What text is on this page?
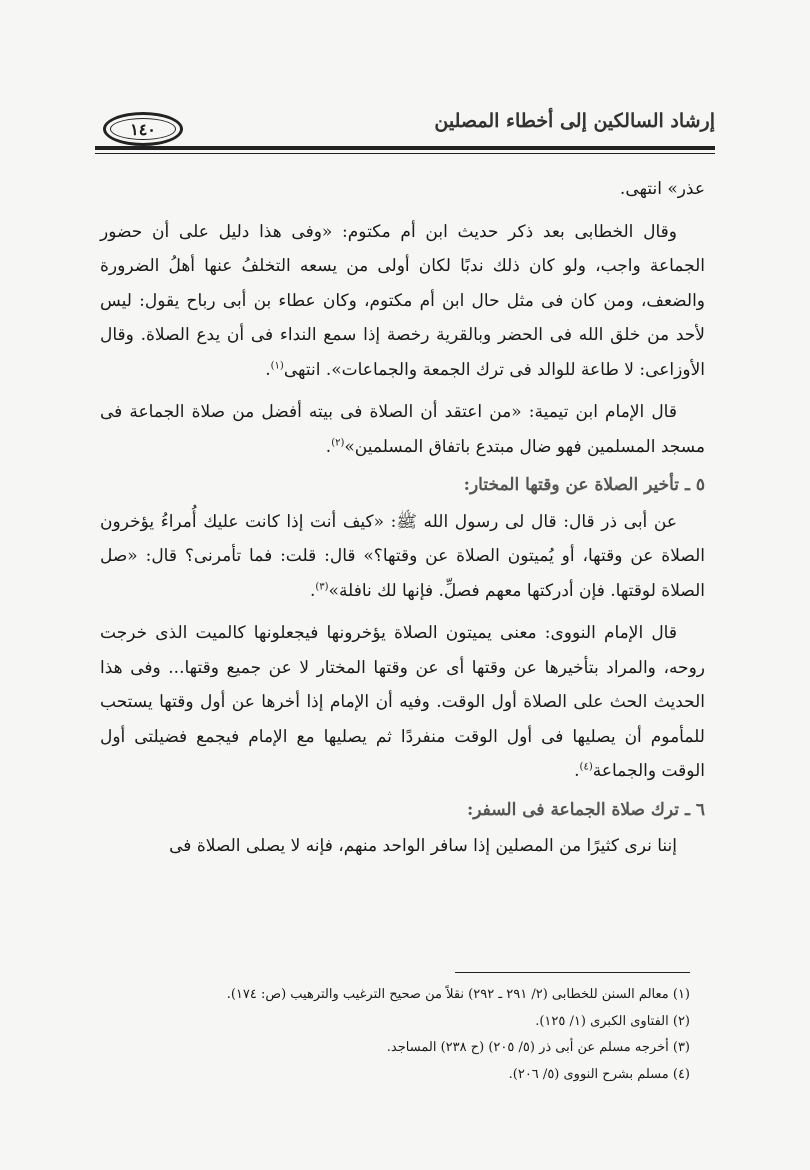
١٤٠	إرشاد السالكين إلى أخطاء المصلين

عذر» انتهى.

وقال الخطابى بعد ذكر حديث ابن أم مكتوم: «وفى هذا دليل على أن حضور الجماعة واجب، ولو كان ذلك ندبًا لكان أولى من يسعه التخلفُ عنها أهلُ الضرورة والضعف، ومن كان فى مثل حال ابن أم مكتوم، وكان عطاء بن أبى رباح يقول: ليس لأحد من خلق الله فى الحضر وبالقرية رخصة إذا سمع النداء فى أن يدع الصلاة. وقال الأوزاعى: لا طاعة للوالد فى ترك الجمعة والجماعات». انتهى$^{(١)}$.

قال الإمام ابن تيمية: «من اعتقد أن الصلاة فى بيته أفضل من صلاة الجماعة فى مسجد المسلمين فهو ضال مبتدع باتفاق المسلمين»$^{(٢)}$.

٥ ـ تأخير الصلاة عن وقتها المختار:

عن أبى ذر قال: قال لى رسول الله ﷺ: «كيف أنت إذا كانت عليك أُمراءُ يؤخرون الصلاة عن وقتها، أو يُميتون الصلاة عن وقتها؟» قال: قلت: فما تأمرنى؟ قال: «صل الصلاة لوقتها. فإن أدركتها معهم فصلِّ. فإنها لك نافلة»$^{(٣)}$.

قال الإمام النووى: معنى يميتون الصلاة يؤخرونها فيجعلونها كالميت الذى خرجت روحه، والمراد بتأخيرها عن وقتها أى عن وقتها المختار لا عن جميع وقتها... وفى هذا الحديث الحث على الصلاة أول الوقت. وفيه أن الإمام إذا أخرها عن أول وقتها يستحب للمأموم أن يصليها فى أول الوقت منفردًا ثم يصليها مع الإمام فيجمع فضيلتى أول الوقت والجماعة$^{(٤)}$.

٦ ـ ترك صلاة الجماعة فى السفر:

إننا نرى كثيرًا من المصلين إذا سافر الواحد منهم، فإنه لا يصلى الصلاة فى

(١) معالم السنن للخطابى (٢/ ٢٩١ ـ ٢٩٢) نقلاً من صحيح الترغيب والترهيب (ص: ١٧٤).
(٢) الفتاوى الكبرى (١/ ١٢٥).
(٣) أخرجه مسلم عن أبى ذر (٥/ ٢٠٥) (ح ٢٣٨) المساجد.
(٤) مسلم بشرح النووى (٥/ ٢٠٦).
